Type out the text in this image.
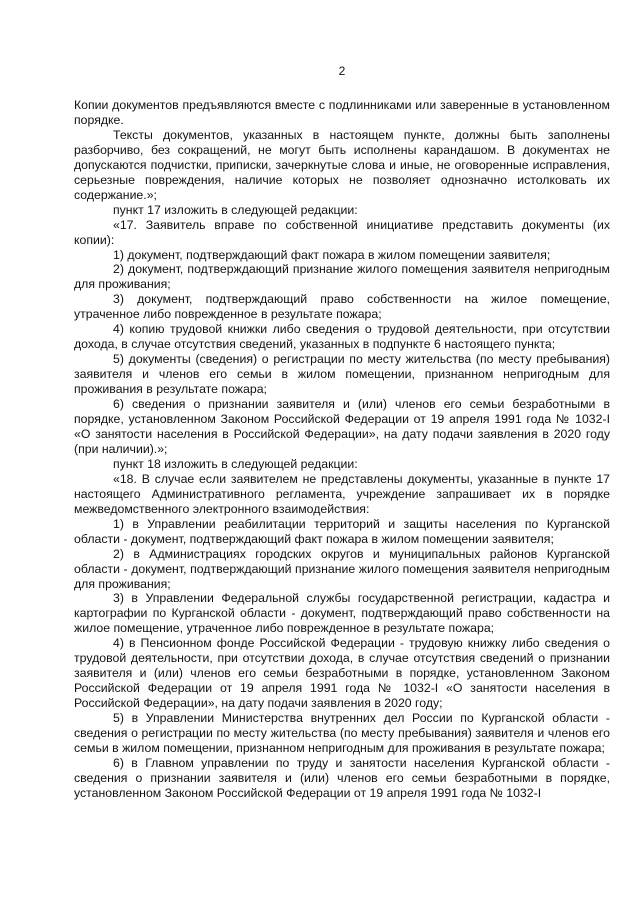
2

Копии документов предъявляются вместе с подлинниками или заверенные в установленном порядке.

Тексты документов, указанных в настоящем пункте, должны быть заполнены разборчиво, без сокращений, не могут быть исполнены карандашом. В документах не допускаются подчистки, приписки, зачеркнутые слова и иные, не оговоренные исправления, серьезные повреждения, наличие которых не позволяет однозначно истолковать их содержание.»;

пункт 17 изложить в следующей редакции:

«17. Заявитель вправе по собственной инициативе представить документы (их копии):

1) документ, подтверждающий факт пожара в жилом помещении заявителя;

2) документ, подтверждающий признание жилого помещения заявителя непригодным для проживания;

3) документ, подтверждающий право собственности на жилое помещение, утраченное либо поврежденное в результате пожара;

4) копию трудовой книжки либо сведения о трудовой деятельности, при отсутствии дохода, в случае отсутствия сведений, указанных в подпункте 6 настоящего пункта;

5) документы (сведения) о регистрации по месту жительства (по месту пребывания) заявителя и членов его семьи в жилом помещении, признанном непригодным для проживания в результате пожара;

6) сведения о признании заявителя и (или) членов его семьи безработными в порядке, установленном Законом Российской Федерации от 19 апреля 1991 года № 1032-I «О занятости населения в Российской Федерации», на дату подачи заявления в 2020 году (при наличии).»;

пункт 18 изложить в следующей редакции:

«18. В случае если заявителем не представлены документы, указанные в пункте 17 настоящего Административного регламента, учреждение запрашивает их в порядке межведомственного электронного взаимодействия:

1) в Управлении реабилитации территорий и защиты населения по Курганской области - документ, подтверждающий факт пожара в жилом помещении заявителя;

2) в Администрациях городских округов и муниципальных районов Курганской области - документ, подтверждающий признание жилого помещения заявителя непригодным для проживания;

3) в Управлении Федеральной службы государственной регистрации, кадастра и картографии по Курганской области - документ, подтверждающий право собственности на жилое помещение, утраченное либо поврежденное в результате пожара;

4) в Пенсионном фонде Российской Федерации - трудовую книжку либо сведения о трудовой деятельности, при отсутствии дохода, в случае отсутствия сведений о признании заявителя и (или) членов его семьи безработными в порядке, установленном Законом Российской Федерации от 19 апреля 1991 года № 1032-I «О занятости населения в Российской Федерации», на дату подачи заявления в 2020 году;

5) в Управлении Министерства внутренних дел России по Курганской области - сведения о регистрации по месту жительства (по месту пребывания) заявителя и членов его семьи в жилом помещении, признанном непригодным для проживания в результате пожара;

6) в Главном управлении по труду и занятости населения Курганской области - сведения о признании заявителя и (или) членов его семьи безработными в порядке, установленном Законом Российской Федерации от 19 апреля 1991 года № 1032-I
